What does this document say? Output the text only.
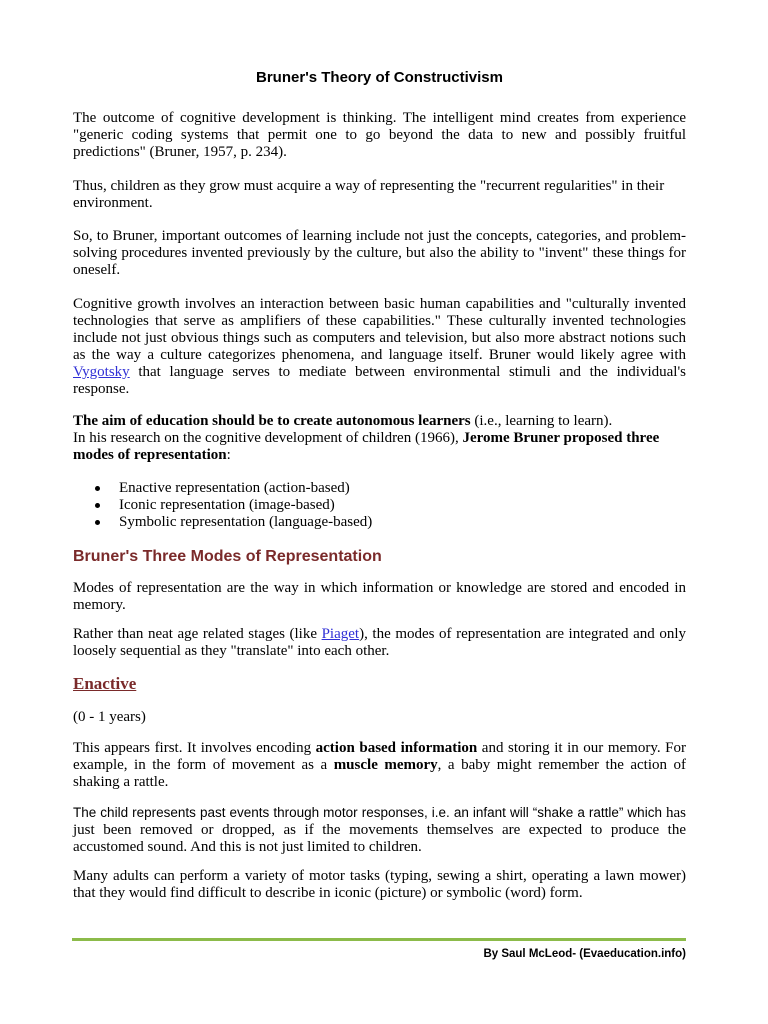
Bruner's Theory of Constructivism

The outcome of cognitive development is thinking. The intelligent mind creates from experience "generic coding systems that permit one to go beyond the data to new and possibly fruitful predictions" (Bruner, 1957, p. 234).

Thus, children as they grow must acquire a way of representing the "recurrent regularities" in their environment.

So, to Bruner, important outcomes of learning include not just the concepts, categories, and problem-solving procedures invented previously by the culture, but also the ability to "invent" these things for oneself.

Cognitive growth involves an interaction between basic human capabilities and "culturally invented technologies that serve as amplifiers of these capabilities." These culturally invented technologies include not just obvious things such as computers and television, but also more abstract notions such as the way a culture categorizes phenomena, and language itself. Bruner would likely agree with Vygotsky that language serves to mediate between environmental stimuli and the individual's response.

The aim of education should be to create autonomous learners (i.e., learning to learn).
In his research on the cognitive development of children (1966), Jerome Bruner proposed three modes of representation:

Enactive representation (action-based)
Iconic representation (image-based)
Symbolic representation (language-based)
Bruner's Three Modes of Representation

Modes of representation are the way in which information or knowledge are stored and encoded in memory.

Rather than neat age related stages (like Piaget), the modes of representation are integrated and only loosely sequential as they "translate" into each other.

Enactive

(0 - 1 years)

This appears first. It involves encoding action based information and storing it in our memory. For example, in the form of movement as a muscle memory, a baby might remember the action of shaking a rattle.

The child represents past events through motor responses, i.e. an infant will “shake a rattle” which has just been removed or dropped, as if the movements themselves are expected to produce the accustomed sound. And this is not just limited to children.

Many adults can perform a variety of motor tasks (typing, sewing a shirt, operating a lawn mower) that they would find difficult to describe in iconic (picture) or symbolic (word) form.

By Saul McLeod- (Evaeducation.info)
